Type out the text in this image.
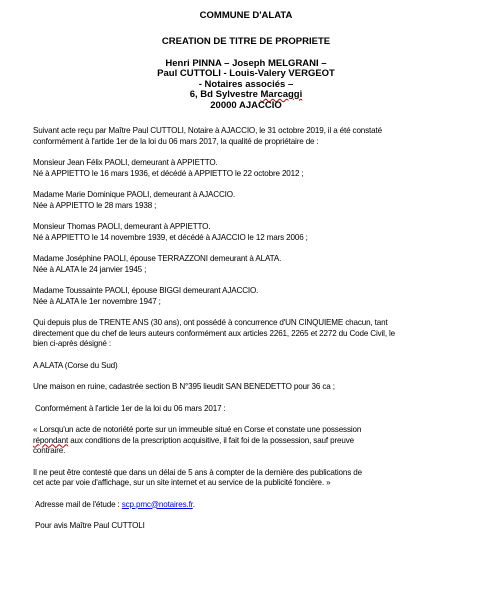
COMMUNE D'ALATA
CREATION DE TITRE DE PROPRIETE
Henri PINNA – Joseph MELGRANI –
Paul CUTTOLI - Louis-Valery VERGEOT
- Notaires associés –
6, Bd Sylvestre Marcaggi
20000 AJACCIO
Suivant acte reçu par Maître Paul CUTTOLI, Notaire à AJACCIO, le 31 octobre 2019, il a été constaté
conformément à l'artide 1er de la loi du 06 mars 2017, la qualité de propriétaire de :
Monsieur Jean Félix PAOLI, demeurant à APPIETTO.
Né à APPIETTO le 16 mars 1936, et décédé à APPIETTO le 22 octobre 2012 ;
Madame Marie Dominique PAOLI, demeurant à AJACCIO.
Née à APPIETTO le 28 mars 1938 ;
Monsieur Thomas PAOLI, demeurant à APPIETTO.
Né à APPIETTO le 14 novembre 1939, et décédé à AJACCIO le 12 mars 2006 ;
Madame Joséphine PAOLI, épouse TERRAZZONI demeurant à ALATA.
Née à ALATA le 24 janvier 1945 ;
Madame Toussainte PAOLI, épouse BIGGI demeurant AJACCIO.
Née à ALATA le 1er novembre 1947 ;
Qui depuis plus de TRENTE ANS (30 ans), ont possédé à concurrence d'UN CINQUIEME chacun, tant
directement que du chef de leurs auteurs conformément aux articles 2261, 2265 et 2272 du Code Civil, le
bien ci-après désigné :
A ALATA (Corse du Sud)
Une maison en ruine, cadastrée section B N°395 lieudit SAN BENEDETTO pour 36 ca ;
Conformément à l'article 1er de la loi du 06 mars 2017 :
« Lorsqu'un acte de notoriété porte sur un immeuble situé en Corse et constate une possession
répondant aux conditions de la prescription acquisitive, il fait foi de la possession, sauf preuve
contraire.
Il ne peut être contesté que dans un délai de 5 ans à compter de la dernière des publications de
cet acte par voie d'affichage, sur un site internet et au service de la publicité foncière. »
Adresse mail de l'étude : scp.pmc@notaires.fr.
Pour avis Maître Paul CUTTOLI
